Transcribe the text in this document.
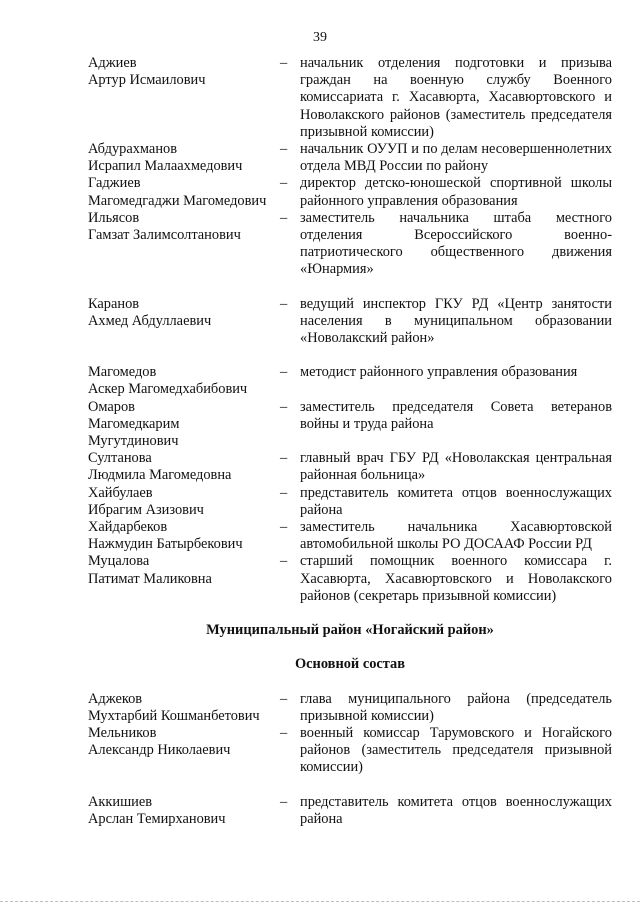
39
Аджиев
Артур Исмаилович
– начальник отделения подготовки и призыва граждан на военную службу Военного комиссариата г. Хасавюрта, Хасавюртовского и Новолакского районов (заместитель председателя призывной комиссии)
Абдурахманов
Исрапил Малаахмедович
– начальник ОУУП и по делам несовершеннолетних отдела МВД России по району
Гаджиев
Магомедгаджи Магомедович
– директор детско-юношеской спортивной школы районного управления образования
Ильясов
Гамзат Залимсолтанович
– заместитель начальника штаба местного отделения Всероссийского военно-патриотического общественного движения «Юнармия»
Каранов
Ахмед Абдуллаевич
– ведущий инспектор ГКУ РД «Центр занятости населения в муниципальном образовании «Новолакский район»
Магомедов
Аскер Магомедхабибович
– методист районного управления образования
Омаров
Магомедкарим
Мугутдинович
– заместитель председателя Совета ветеранов войны и труда района
Султанова
Людмила Магомедовна
– главный врач ГБУ РД «Новолакская центральная районная больница»
Хайбулаев
Ибрагим Азизович
– представитель комитета отцов военнослужащих района
Хайдарбеков
Нажмудин Батырбекович
– заместитель начальника Хасавюртовской автомобильной школы РО ДОСААФ России РД
Муцалова
Патимат Маликовна
– старший помощник военного комиссара г. Хасавюрта, Хасавюртовского и Новолакского районов (секретарь призывной комиссии)
Муниципальный район «Ногайский район»
Основной состав
Аджеков
Мухтарбий Кошманбетович
– глава муниципального района (председатель призывной комиссии)
Мельников
Александр Николаевич
– военный комиссар Тарумовского и Ногайского районов (заместитель председателя призывной комиссии)
Аккишиев
Арслан Темирханович
– представитель комитета отцов военнослужащих района
